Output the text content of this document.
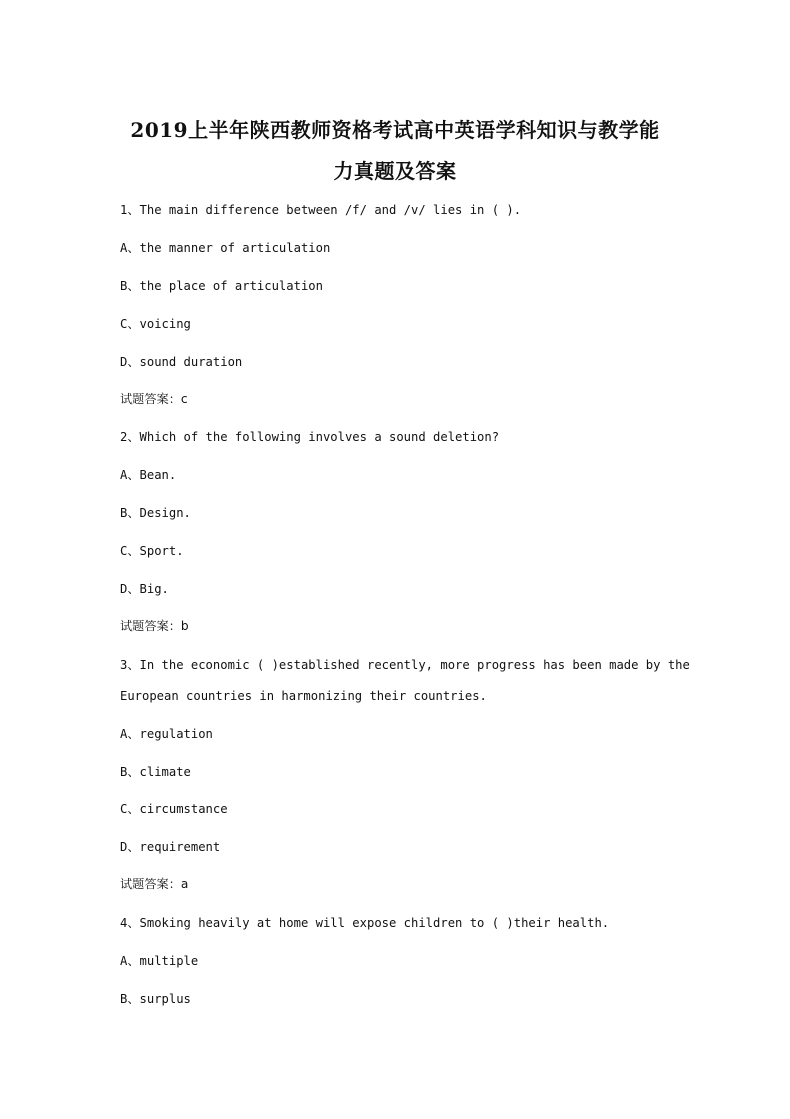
2019上半年陕西教师资格考试高中英语学科知识与教学能
力真题及答案
1、The main difference between /f/ and /v/ lies in ( ).
A、the manner of articulation
B、the place of articulation
C、voicing
D、sound duration
试题答案：c
2、Which of the following involves a sound deletion?
A、Bean.
B、Design.
C、Sport.
D、Big.
试题答案：b
3、In the economic ( )established recently, more progress has been made by the
European countries in harmonizing their countries.
A、regulation
B、climate
C、circumstance
D、requirement
试题答案：a
4、Smoking heavily at home will expose children to ( )their health.
A、multiple
B、surplus
